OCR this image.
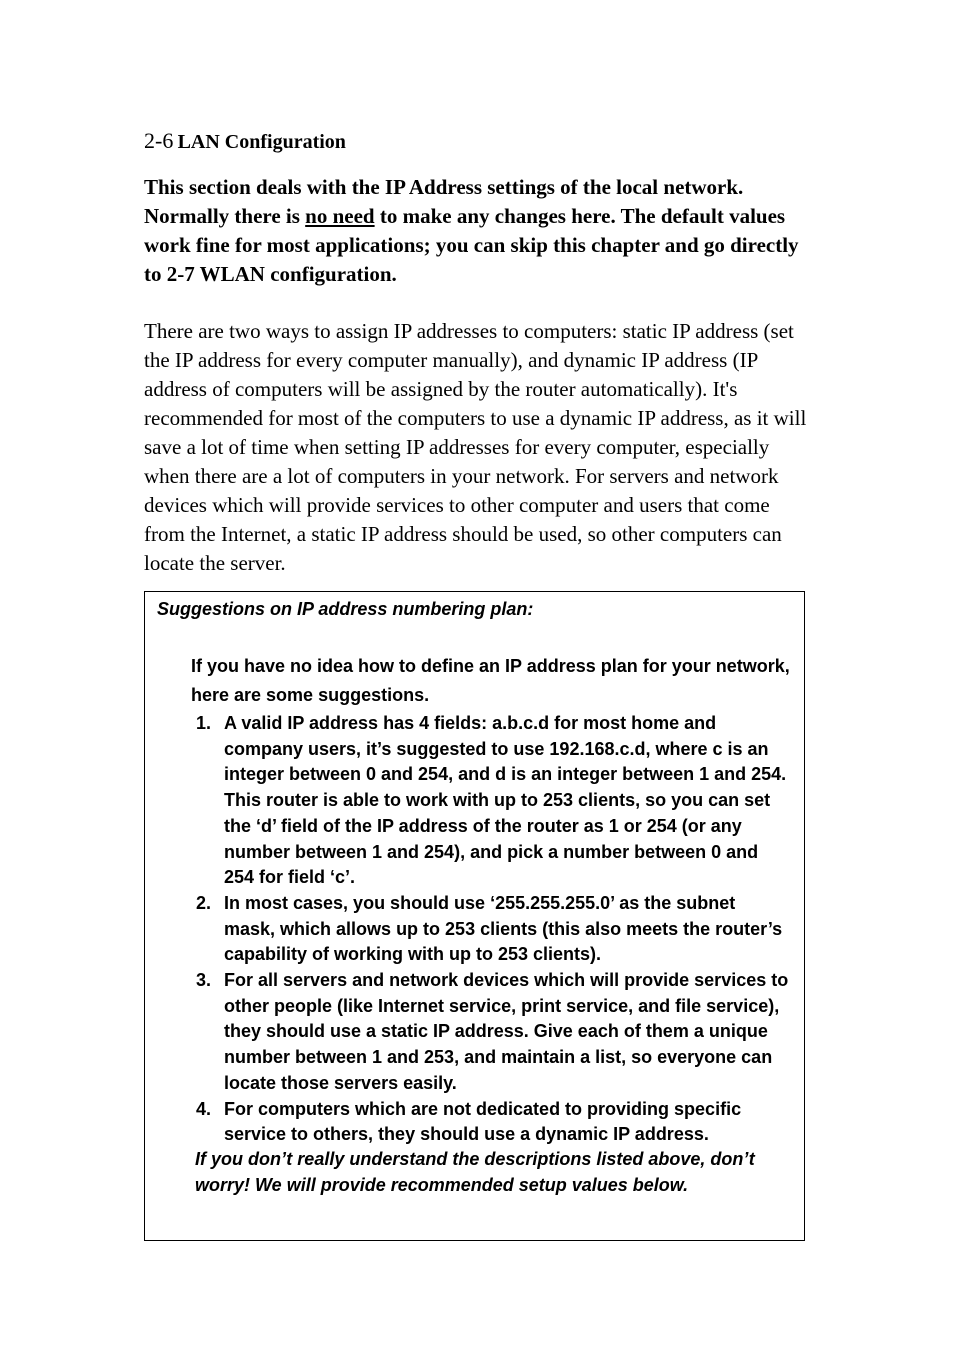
2-6 LAN Configuration
This section deals with the IP Address settings of the local network. Normally there is no need to make any changes here. The default values work fine for most applications; you can skip this chapter and go directly to 2-7 WLAN configuration.
There are two ways to assign IP addresses to computers: static IP address (set the IP address for every computer manually), and dynamic IP address (IP address of computers will be assigned by the router automatically). It's recommended for most of the computers to use a dynamic IP address, as it will save a lot of time when setting IP addresses for every computer, especially when there are a lot of computers in your network. For servers and network devices which will provide services to other computer and users that come from the Internet, a static IP address should be used, so other computers can locate the server.
Suggestions on IP address numbering plan:
If you have no idea how to define an IP address plan for your network, here are some suggestions.
1. A valid IP address has 4 fields: a.b.c.d for most home and company users, it’s suggested to use 192.168.c.d, where c is an integer between 0 and 254, and d is an integer between 1 and 254. This router is able to work with up to 253 clients, so you can set the ‘d’ field of the IP address of the router as 1 or 254 (or any number between 1 and 254), and pick a number between 0 and 254 for field ‘c’.
2. In most cases, you should use ‘255.255.255.0’ as the subnet mask, which allows up to 253 clients (this also meets the router’s capability of working with up to 253 clients).
3. For all servers and network devices which will provide services to other people (like Internet service, print service, and file service), they should use a static IP address. Give each of them a unique number between 1 and 253, and maintain a list, so everyone can locate those servers easily.
4. For computers which are not dedicated to providing specific service to others, they should use a dynamic IP address.
If you don’t really understand the descriptions listed above, don’t worry! We will provide recommended setup values below.
